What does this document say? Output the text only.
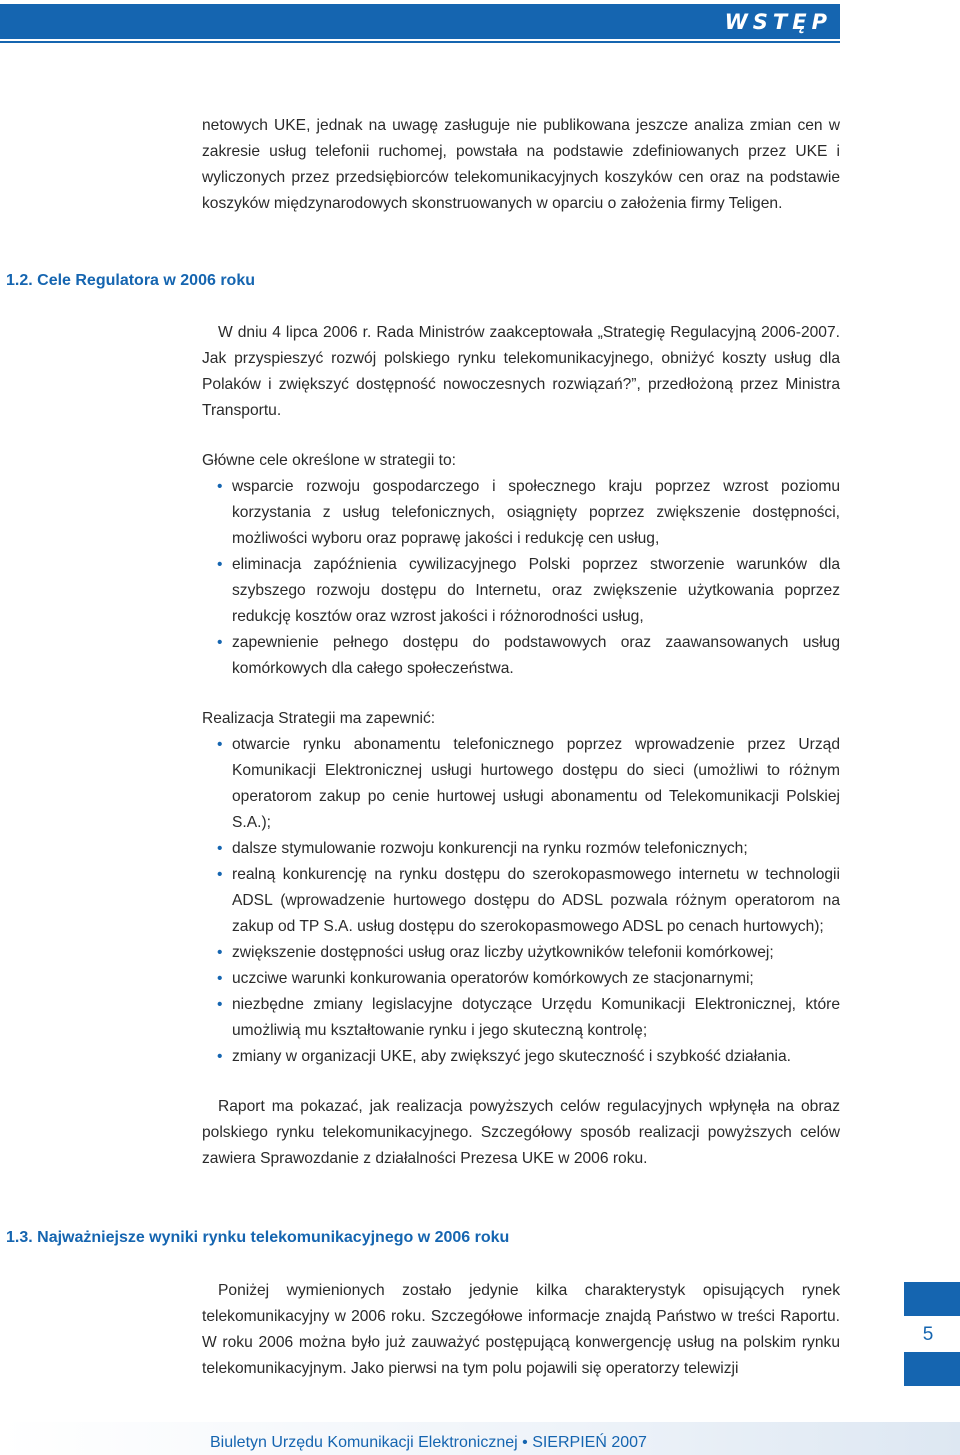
WSTĘP

netowych UKE, jednak na uwagę zasługuje nie publikowana jeszcze analiza zmian cen w zakresie usług telefonii ruchomej, powstała na podstawie zdefiniowanych przez UKE i wyliczonych przez przedsiębiorców telekomunikacyjnych koszyków cen oraz na podstawie koszyków międzynarodowych skonstruowanych w oparciu o założenia firmy Teligen.

1.2. Cele Regulatora w 2006 roku

W dniu 4 lipca 2006 r. Rada Ministrów zaakceptowała „Strategię Regulacyjną 2006-2007. Jak przyspieszyć rozwój polskiego rynku telekomunikacyjnego, obniżyć koszty usług dla Polaków i zwiększyć dostępność nowoczesnych rozwiązań?”, przedłożoną przez Ministra Transportu.

Główne cele określone w strategii to:

• wsparcie rozwoju gospodarczego i społecznego kraju poprzez wzrost poziomu korzystania z usług telefonicznych, osiągnięty poprzez zwiększenie dostępności, możliwości wyboru oraz poprawę jakości i redukcję cen usług,
• eliminacja zapóźnienia cywilizacyjnego Polski poprzez stworzenie warunków dla szybszego rozwoju dostępu do Internetu, oraz zwiększenie użytkowania poprzez redukcję kosztów oraz wzrost jakości i różnorodności usług,
• zapewnienie pełnego dostępu do podstawowych oraz zaawansowanych usług komórkowych dla całego społeczeństwa.

Realizacja Strategii ma zapewnić:

• otwarcie rynku abonamentu telefonicznego poprzez wprowadzenie przez Urząd Komunikacji Elektronicznej usługi hurtowego dostępu do sieci (umożliwi to różnym operatorom zakup po cenie hurtowej usługi abonamentu od Telekomunikacji Polskiej S.A.);
• dalsze stymulowanie rozwoju konkurencji na rynku rozmów telefonicznych;
• realną konkurencję na rynku dostępu do szerokopasmowego internetu w technologii ADSL (wprowadzenie hurtowego dostępu do ADSL pozwala różnym operatorom na zakup od TP S.A. usług dostępu do szerokopasmowego ADSL po cenach hurtowych);
• zwiększenie dostępności usług oraz liczby użytkowników telefonii komórkowej;
• uczciwe warunki konkurowania operatorów komórkowych ze stacjonarnymi;
• niezbędne zmiany legislacyjne dotyczące Urzędu Komunikacji Elektronicznej, które umożliwią mu kształtowanie rynku i jego skuteczną kontrolę;
• zmiany w organizacji UKE, aby zwiększyć jego skuteczność i szybkość działania.

Raport ma pokazać, jak realizacja powyższych celów regulacyjnych wpłynęła na obraz polskiego rynku telekomunikacyjnego. Szczegółowy sposób realizacji powyższych celów zawiera Sprawozdanie z działalności Prezesa UKE w 2006 roku.

1.3. Najważniejsze wyniki rynku telekomunikacyjnego w 2006 roku

Poniżej wymienionych zostało jedynie kilka charakterystyk opisujących rynek telekomunikacyjny w 2006 roku. Szczegółowe informacje znajdą Państwo w treści Raportu. W roku 2006 można było już zauważyć postępującą konwergencję usług na polskim rynku telekomunikacyjnym. Jako pierwsi na tym polu pojawili się operatorzy telewizji

5
Biuletyn Urzędu Komunikacji Elektronicznej • SIERPIEŃ 2007
